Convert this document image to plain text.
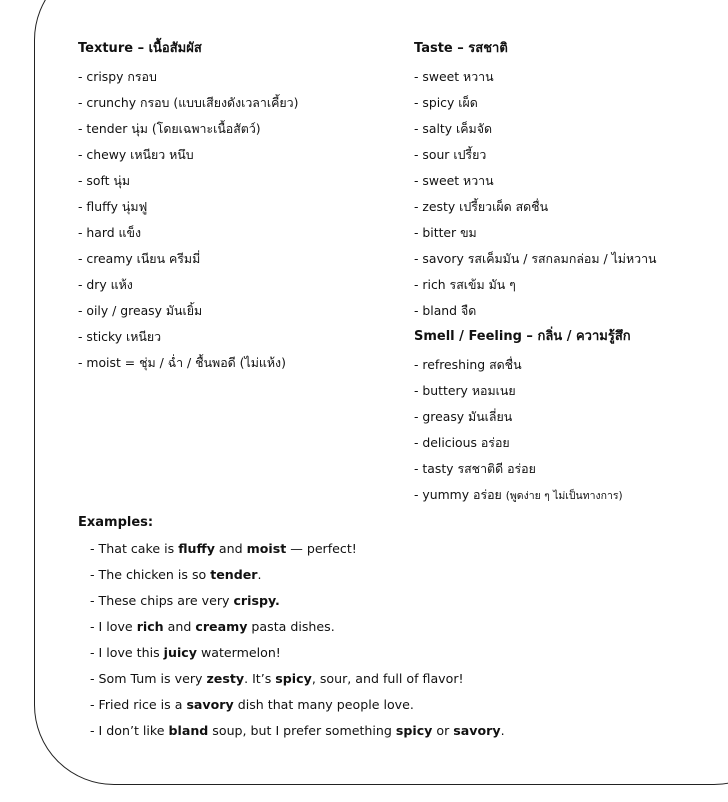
Texture – เนื้อสัมผัส
- crispy กรอบ
- crunchy กรอบ (แบบเสียงดังเวลาเคี้ยว)
- tender นุ่ม (โดยเฉพาะเนื้อสัตว์)
- chewy เหนียว หนึบ
- soft นุ่ม
- fluffy นุ่มฟู
- hard แข็ง
- creamy เนียน ครีมมี่
- dry แห้ง
- oily / greasy มันเยิ้ม
- sticky เหนียว
- moist = ชุ่ม / ฉ่ำ / ชื้นพอดี (ไม่แห้ง)
Taste – รสชาติ
- sweet หวาน
- spicy เผ็ด
- salty เค็มจัด
- sour เปรี้ยว
- sweet หวาน
- zesty เปรี้ยวเผ็ด สดชื่น
- bitter ขม
- savory รสเค็มมัน / รสกลมกล่อม / ไม่หวาน
- rich รสเข้ม มัน ๆ
- bland จืด
Smell / Feeling – กลิ่น / ความรู้สึก
- refreshing สดชื่น
- buttery หอมเนย
- greasy มันเลี่ยน
- delicious อร่อย
- tasty รสชาติดี อร่อย
- yummy อร่อย (พูดง่าย ๆ ไม่เป็นทางการ)
Examples:
- That cake is fluffy and moist — perfect!
- The chicken is so tender.
- These chips are very crispy.
- I love rich and creamy pasta dishes.
- I love this juicy watermelon!
- Som Tum is very zesty. It’s spicy, sour, and full of flavor!
- Fried rice is a savory dish that many people love.
- I don’t like bland soup, but I prefer something spicy or savory.
